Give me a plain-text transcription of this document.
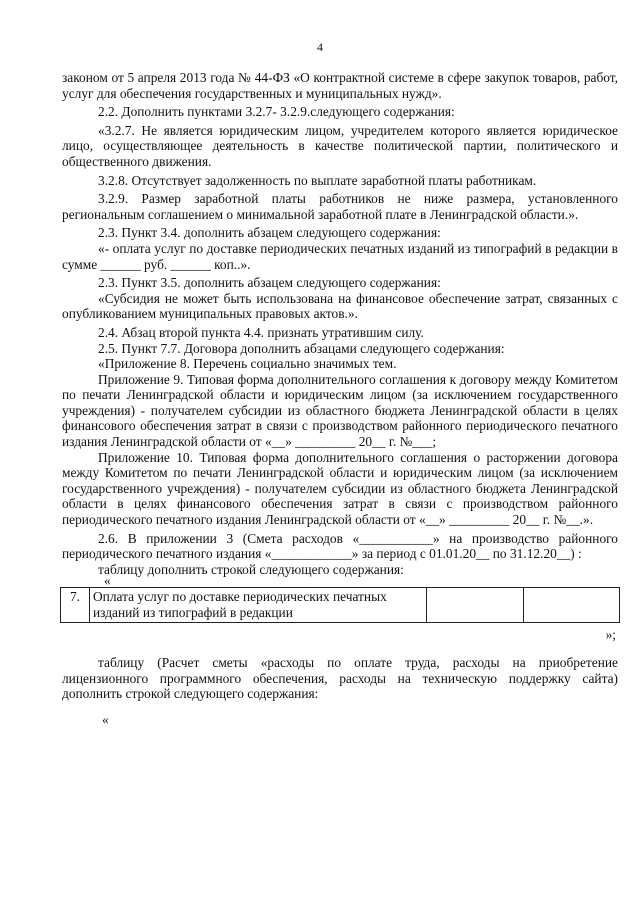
4

законом от 5 апреля 2013 года № 44-ФЗ «О контрактной системе в сфере закупок товаров, работ, услуг для обеспечения государственных и муниципальных нужд».

2.2. Дополнить пунктами 3.2.7- 3.2.9.следующего содержания:

«3.2.7. Не является юридическим лицом, учредителем которого является юридическое лицо, осуществляющее деятельность в качестве политической партии, политического и общественного движения.

3.2.8. Отсутствует задолженность по выплате заработной платы работникам.

3.2.9. Размер заработной платы работников не ниже размера, установленного региональным соглашением о минимальной заработной плате в Ленинградской области.».

2.3. Пункт 3.4. дополнить абзацем следующего содержания:

«- оплата услуг по доставке периодических печатных изданий из типографий в редакции в сумме ______ руб. ______ коп..».

2.3. Пункт 3.5. дополнить абзацем следующего содержания:

«Субсидия не может быть использована на финансовое обеспечение затрат, связанных с опубликованием муниципальных правовых актов.».

2.4. Абзац второй пункта 4.4. признать утратившим силу.

2.5. Пункт 7.7. Договора дополнить абзацами следующего содержания:

«Приложение 8. Перечень социально значимых тем.

Приложение 9. Типовая форма дополнительного соглашения к договору между Комитетом по печати Ленинградской области и юридическим лицом (за исключением государственного учреждения) - получателем субсидии из областного бюджета Ленинградской области в целях финансового обеспечения затрат в связи с производством районного периодического печатного издания Ленинградской области от «__» _________ 20__ г. №___;

Приложение 10. Типовая форма дополнительного соглашения о расторжении договора между Комитетом по печати Ленинградской области и юридическим лицом (за исключением государственного учреждения) - получателем субсидии из областного бюджета Ленинградской области в целях финансового обеспечения затрат в связи с производством районного периодического печатного издания Ленинградской области от «__» _________ 20__ г. №__.».

2.6. В приложении 3 (Смета расходов «___________» на производство районного периодического печатного издания «____________» за период с 01.01.20__ по 31.12.20__) :

таблицу дополнить строкой следующего содержания:

«
7.	Оплата услуг по доставке периодических печатных изданий из типографий в редакции		
»;

таблицу (Расчет сметы «расходы по оплате труда, расходы на приобретение лицензионного программного обеспечения, расходы на техническую поддержку сайта) дополнить строкой следующего содержания:

«
